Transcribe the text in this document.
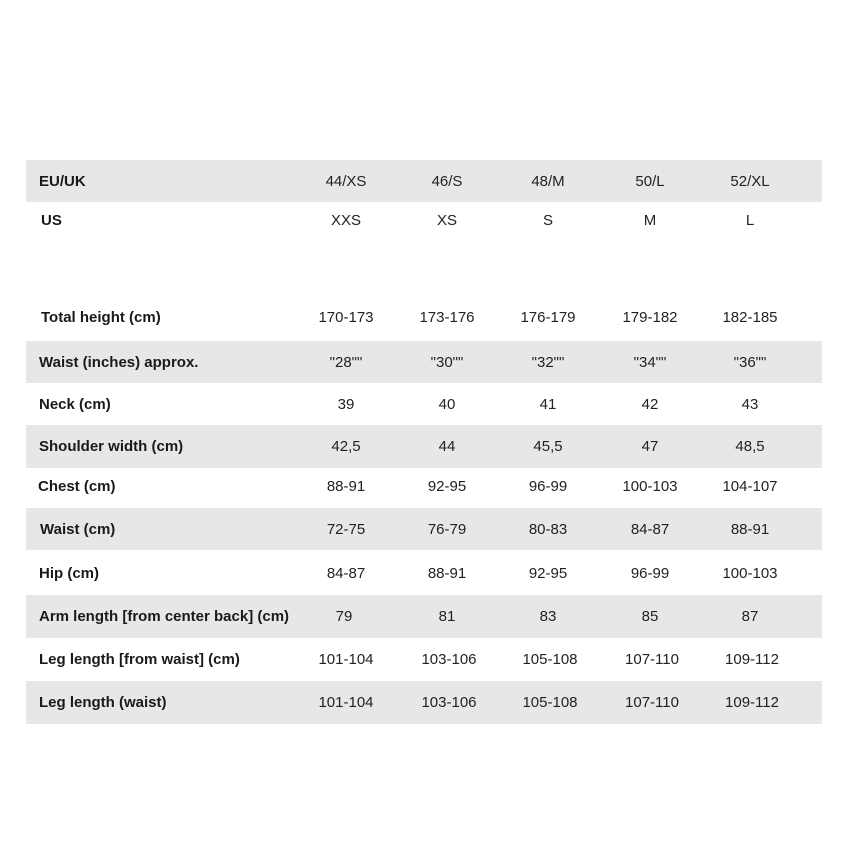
EU/UK	44/XS	46/S	48/M	50/L	52/XL
US	XXS	XS	S	M	L
Total height (cm)	170-173	173-176	176-179	179-182	182-185
Waist (inches) approx.	"28""	"30""	"32""	"34""	"36""
Neck (cm)	39	40	41	42	43
Shoulder width (cm)	42,5	44	45,5	47	48,5
Chest (cm)	88-91	92-95	96-99	100-103	104-107
Waist (cm)	72-75	76-79	80-83	84-87	88-91
Hip (cm)	84-87	88-91	92-95	96-99	100-103
Arm length [from center back] (cm)	79	81	83	85	87
Leg length [from waist] (cm)	101-104	103-106	105-108	107-110	109-112
Leg length (waist)	101-104	103-106	105-108	107-110	109-112
